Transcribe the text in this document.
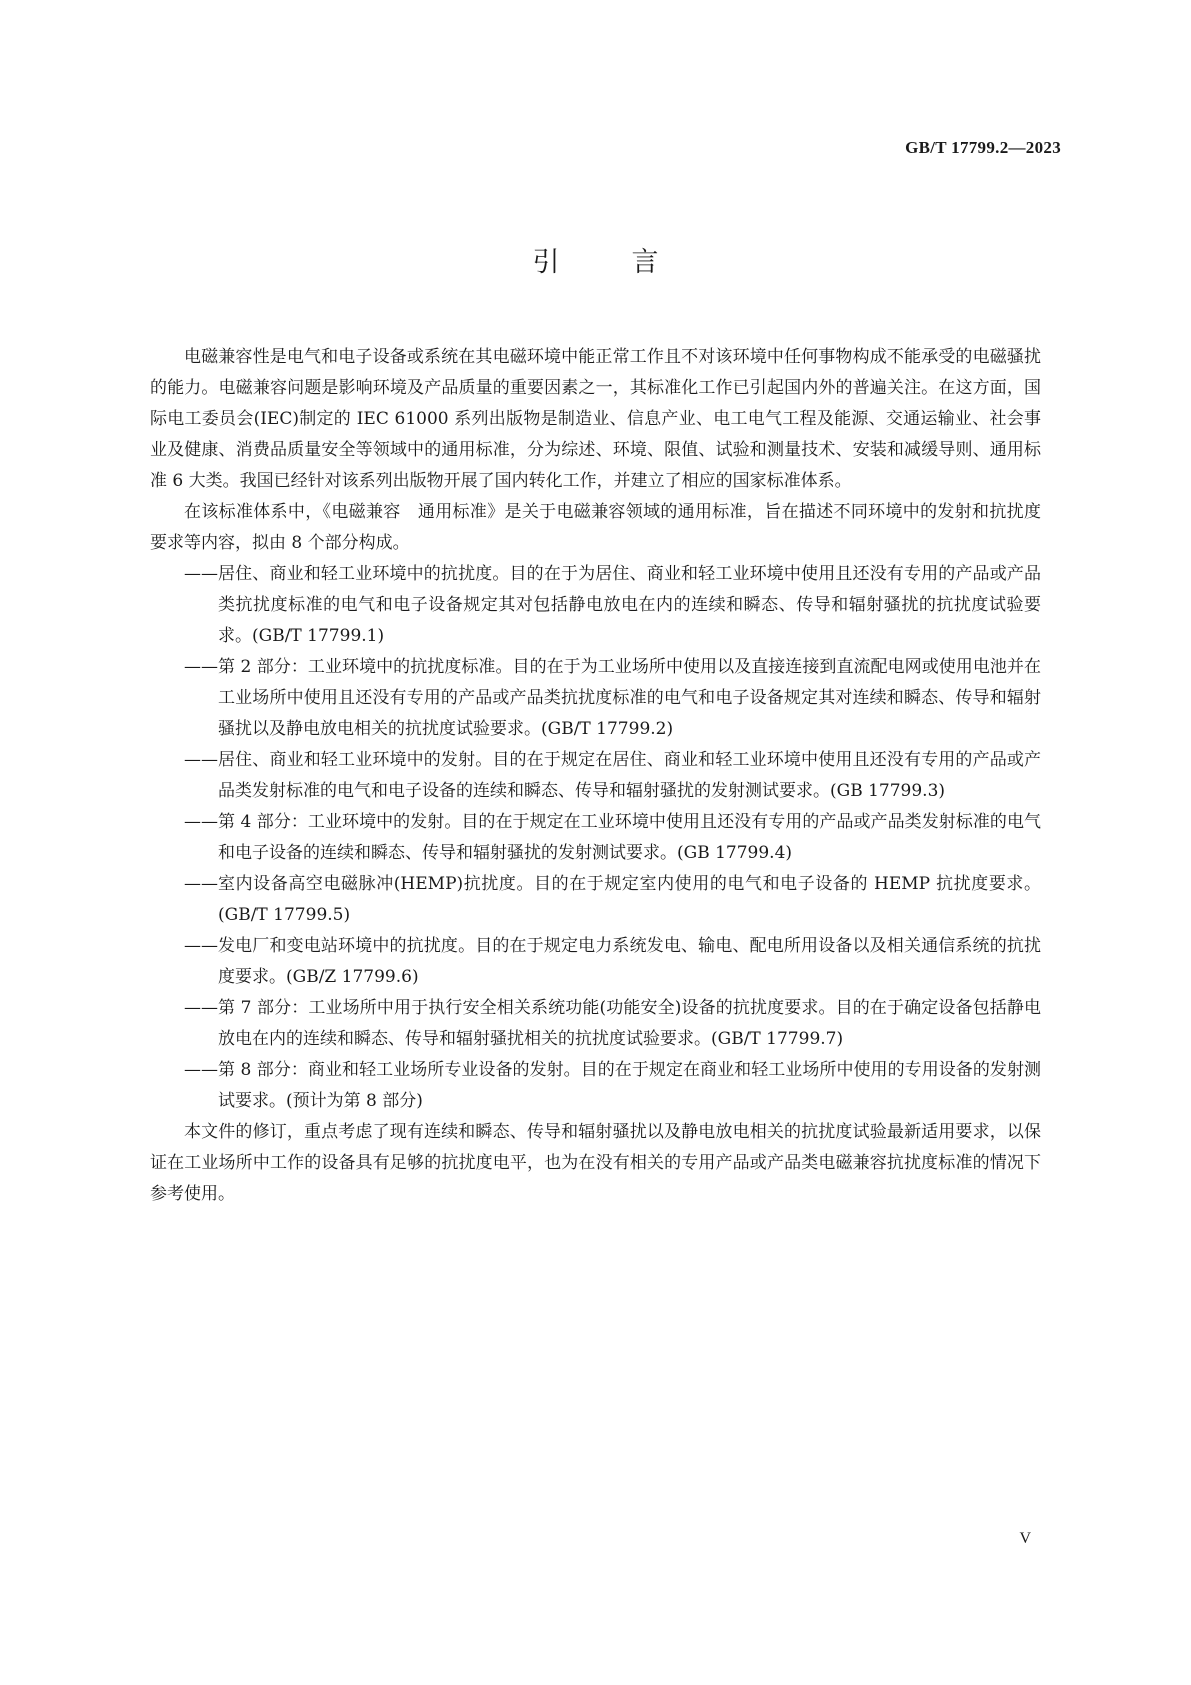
GB/T 17799.2—2023
引言

电磁兼容性是电气和电子设备或系统在其电磁环境中能正常工作且不对该环境中任何事物构成不能承受的电磁骚扰的能力。电磁兼容问题是影响环境及产品质量的重要因素之一，其标准化工作已引起国内外的普遍关注。在这方面，国际电工委员会(IEC)制定的 IEC 61000 系列出版物是制造业、信息产业、电工电气工程及能源、交通运输业、社会事业及健康、消费品质量安全等领域中的通用标准，分为综述、环境、限值、试验和测量技术、安装和减缓导则、通用标准 6 大类。我国已经针对该系列出版物开展了国内转化工作，并建立了相应的国家标准体系。

在该标准体系中，《电磁兼容　通用标准》是关于电磁兼容领域的通用标准，旨在描述不同环境中的发射和抗扰度要求等内容，拟由 8 个部分构成。

—— 居住、商业和轻工业环境中的抗扰度。目的在于为居住、商业和轻工业环境中使用且还没有专用的产品或产品类抗扰度标准的电气和电子设备规定其对包括静电放电在内的连续和瞬态、传导和辐射骚扰的抗扰度试验要求。(GB/T 17799.1)
—— 第 2 部分：工业环境中的抗扰度标准。目的在于为工业场所中使用以及直接连接到直流配电网或使用电池并在工业场所中使用且还没有专用的产品或产品类抗扰度标准的电气和电子设备规定其对连续和瞬态、传导和辐射骚扰以及静电放电相关的抗扰度试验要求。(GB/T 17799.2)
—— 居住、商业和轻工业环境中的发射。目的在于规定在居住、商业和轻工业环境中使用且还没有专用的产品或产品类发射标准的电气和电子设备的连续和瞬态、传导和辐射骚扰的发射测试要求。(GB 17799.3)
—— 第 4 部分：工业环境中的发射。目的在于规定在工业环境中使用且还没有专用的产品或产品类发射标准的电气和电子设备的连续和瞬态、传导和辐射骚扰的发射测试要求。(GB 17799.4)
—— 室内设备高空电磁脉冲(HEMP)抗扰度。目的在于规定室内使用的电气和电子设备的 HEMP 抗扰度要求。(GB/T 17799.5)
—— 发电厂和变电站环境中的抗扰度。目的在于规定电力系统发电、输电、配电所用设备以及相关通信系统的抗扰度要求。(GB/Z 17799.6)
—— 第 7 部分：工业场所中用于执行安全相关系统功能(功能安全)设备的抗扰度要求。目的在于确定设备包括静电放电在内的连续和瞬态、传导和辐射骚扰相关的抗扰度试验要求。(GB/T 17799.7)
—— 第 8 部分：商业和轻工业场所专业设备的发射。目的在于规定在商业和轻工业场所中使用的专用设备的发射测试要求。(预计为第 8 部分)

本文件的修订，重点考虑了现有连续和瞬态、传导和辐射骚扰以及静电放电相关的抗扰度试验最新适用要求，以保证在工业场所中工作的设备具有足够的抗扰度电平，也为在没有相关的专用产品或产品类电磁兼容抗扰度标准的情况下参考使用。

V
